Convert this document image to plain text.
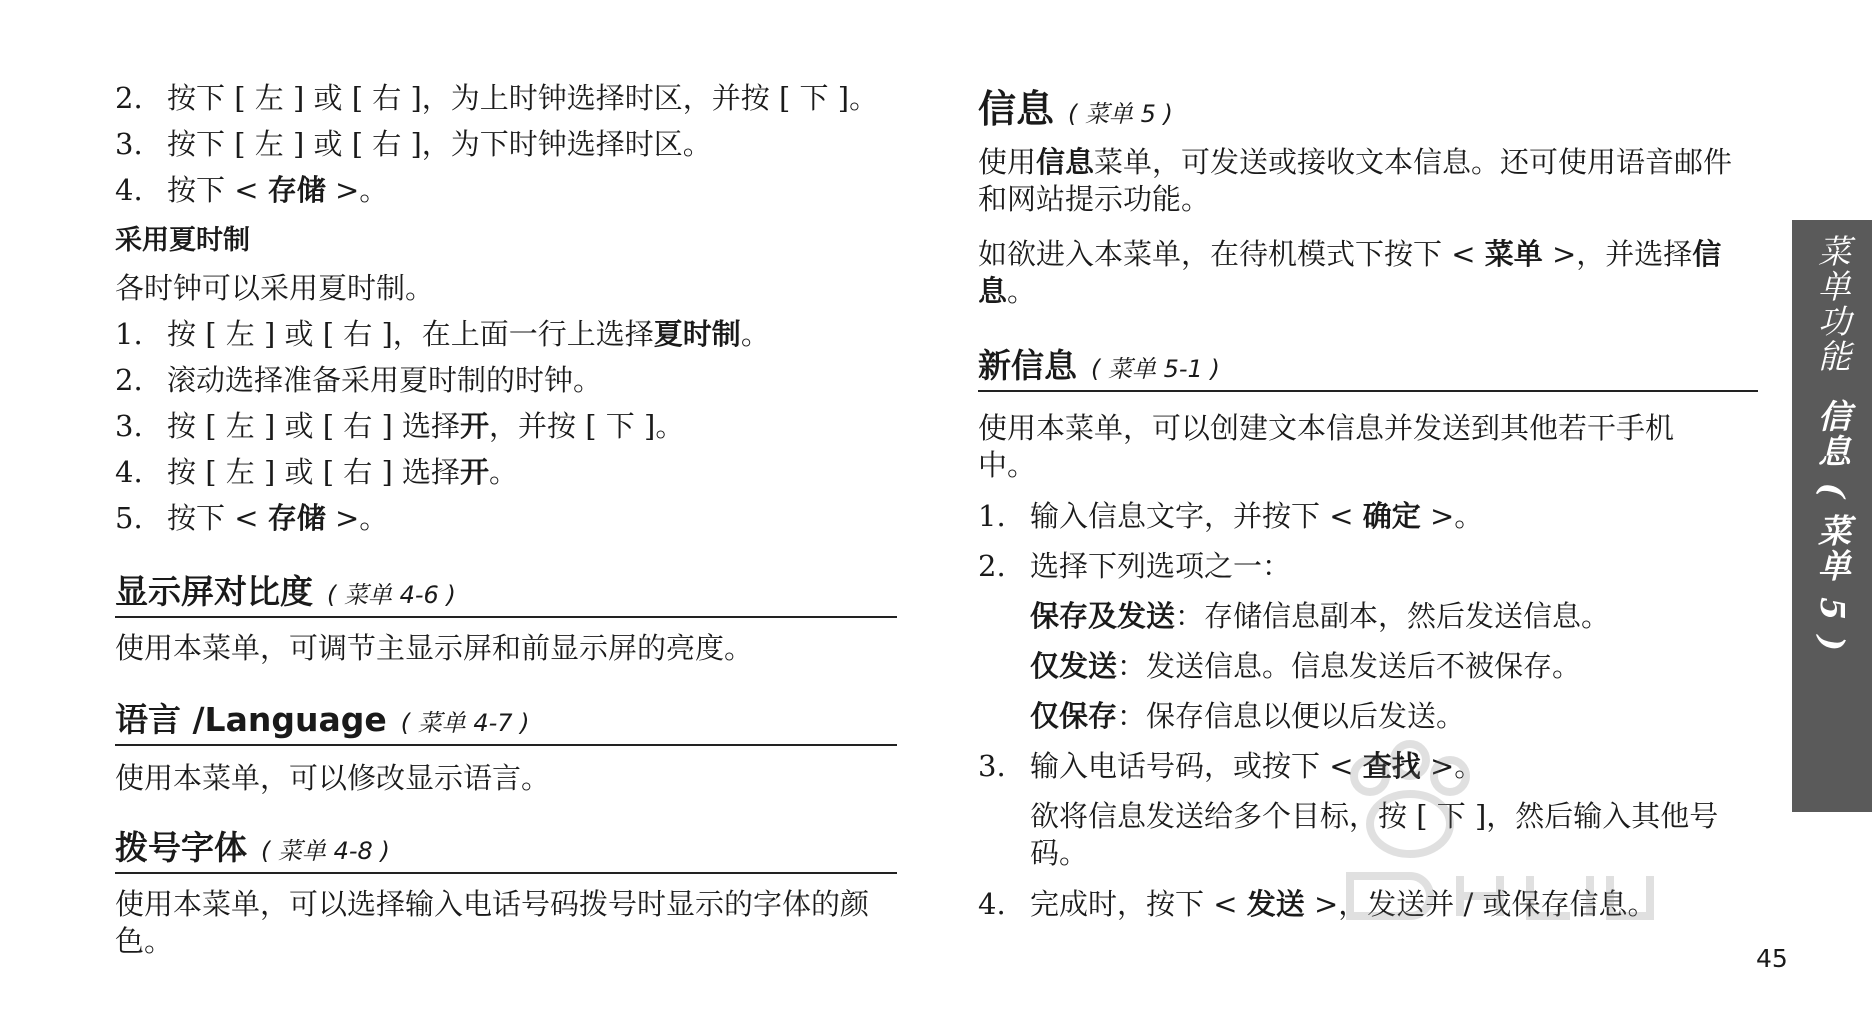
2. 按下 [ 左 ] 或 [ 右 ]，为上时钟选择时区，并按 [ 下 ]。
3. 按下 [ 左 ] 或 [ 右 ]，为下时钟选择时区。
4. 按下 < 存储 >。
采用夏时制
各时钟可以采用夏时制。
1. 按 [ 左 ] 或 [ 右 ]，在上面一行上选择夏时制。
2. 滚动选择准备采用夏时制的时钟。
3. 按 [ 左 ] 或 [ 右 ] 选择开，并按 [ 下 ]。
4. 按 [ 左 ] 或 [ 右 ] 选择开。
5. 按下 < 存储 >。
显示屏对比度 ( 菜单 4-6 )
使用本菜单，可调节主显示屏和前显示屏的亮度。
语言 /Language ( 菜单 4-7 )
使用本菜单，可以修改显示语言。
拨号字体 ( 菜单 4-8 )
使用本菜单，可以选择输入电话号码拨号时显示的字体的颜色。
信息 ( 菜单 5 )
使用信息菜单，可发送或接收文本信息。还可使用语音邮件和网站提示功能。
如欲进入本菜单，在待机模式下按下 < 菜单 >，并选择信息。
新信息 ( 菜单 5-1 )
使用本菜单，可以创建文本信息并发送到其他若干手机中。
1. 输入信息文字，并按下 < 确定 >。
2. 选择下列选项之一：
保存及发送：存储信息副本，然后发送信息。
仅发送：发送信息。信息发送后不被保存。
仅保存：保存信息以便以后发送。
3. 输入电话号码，或按下 < 查找 >。
欲将信息发送给多个目标，按 [ 下 ]，然后输入其他号码。
4. 完成时，按下 < 发送 >，发送并 / 或保存信息。
菜单功能  信息 ( 菜单 5 )
45
